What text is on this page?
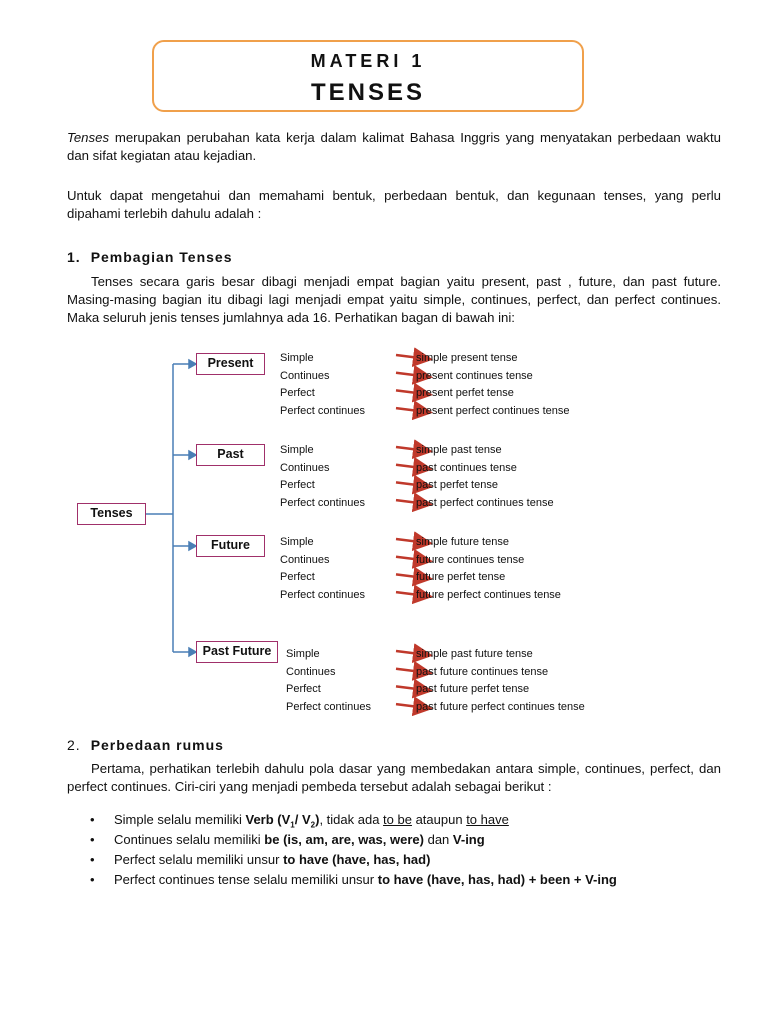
MATERI 1
TENSES

Tenses merupakan perubahan kata kerja dalam kalimat Bahasa Inggris yang menyatakan perbedaan waktu dan sifat kegiatan atau kejadian.

Untuk dapat mengetahui dan memahami bentuk, perbedaan bentuk, dan kegunaan tenses, yang perlu dipahami terlebih dahulu adalah :

1. Pembagian Tenses

Tenses secara garis besar dibagi menjadi empat bagian yaitu present, past , future, dan past future. Masing-masing bagian itu dibagi lagi menjadi empat yaitu simple, continues, perfect, dan perfect continues. Maka seluruh jenis tenses jumlahnya ada 16. Perhatikan bagan di bawah ini:

Tenses
Present	Simple	simple present tense
Continues	present continues tense
Perfect	present perfet tense
Perfect continues	present perfect continues tense
Past	Simple	simple past tense
Continues	past continues tense
Perfect	past perfet tense
Perfect continues	past perfect continues tense
Future	Simple	simple future tense
Continues	future continues tense
Perfect	future perfet tense
Perfect continues	future perfect continues tense
Past Future	Simple	simple past future tense
Continues	past future continues tense
Perfect	past future perfet tense
Perfect continues	past future perfect continues tense
2. Perbedaan rumus

Pertama, perhatikan terlebih dahulu pola dasar yang membedakan antara simple, continues, perfect, dan perfect continues. Ciri-ciri yang menjadi pembeda tersebut adalah sebagai berikut :

• Simple selalu memiliki Verb ($V_1/$ $V_2$), tidak ada to be ataupun to have
• Continues selalu memiliki be (is, am, are, was, were) dan V-ing
• Perfect selalu memiliki unsur to have (have, has, had)
• Perfect continues tense selalu memiliki unsur to have (have, has, had) + been + V-ing
